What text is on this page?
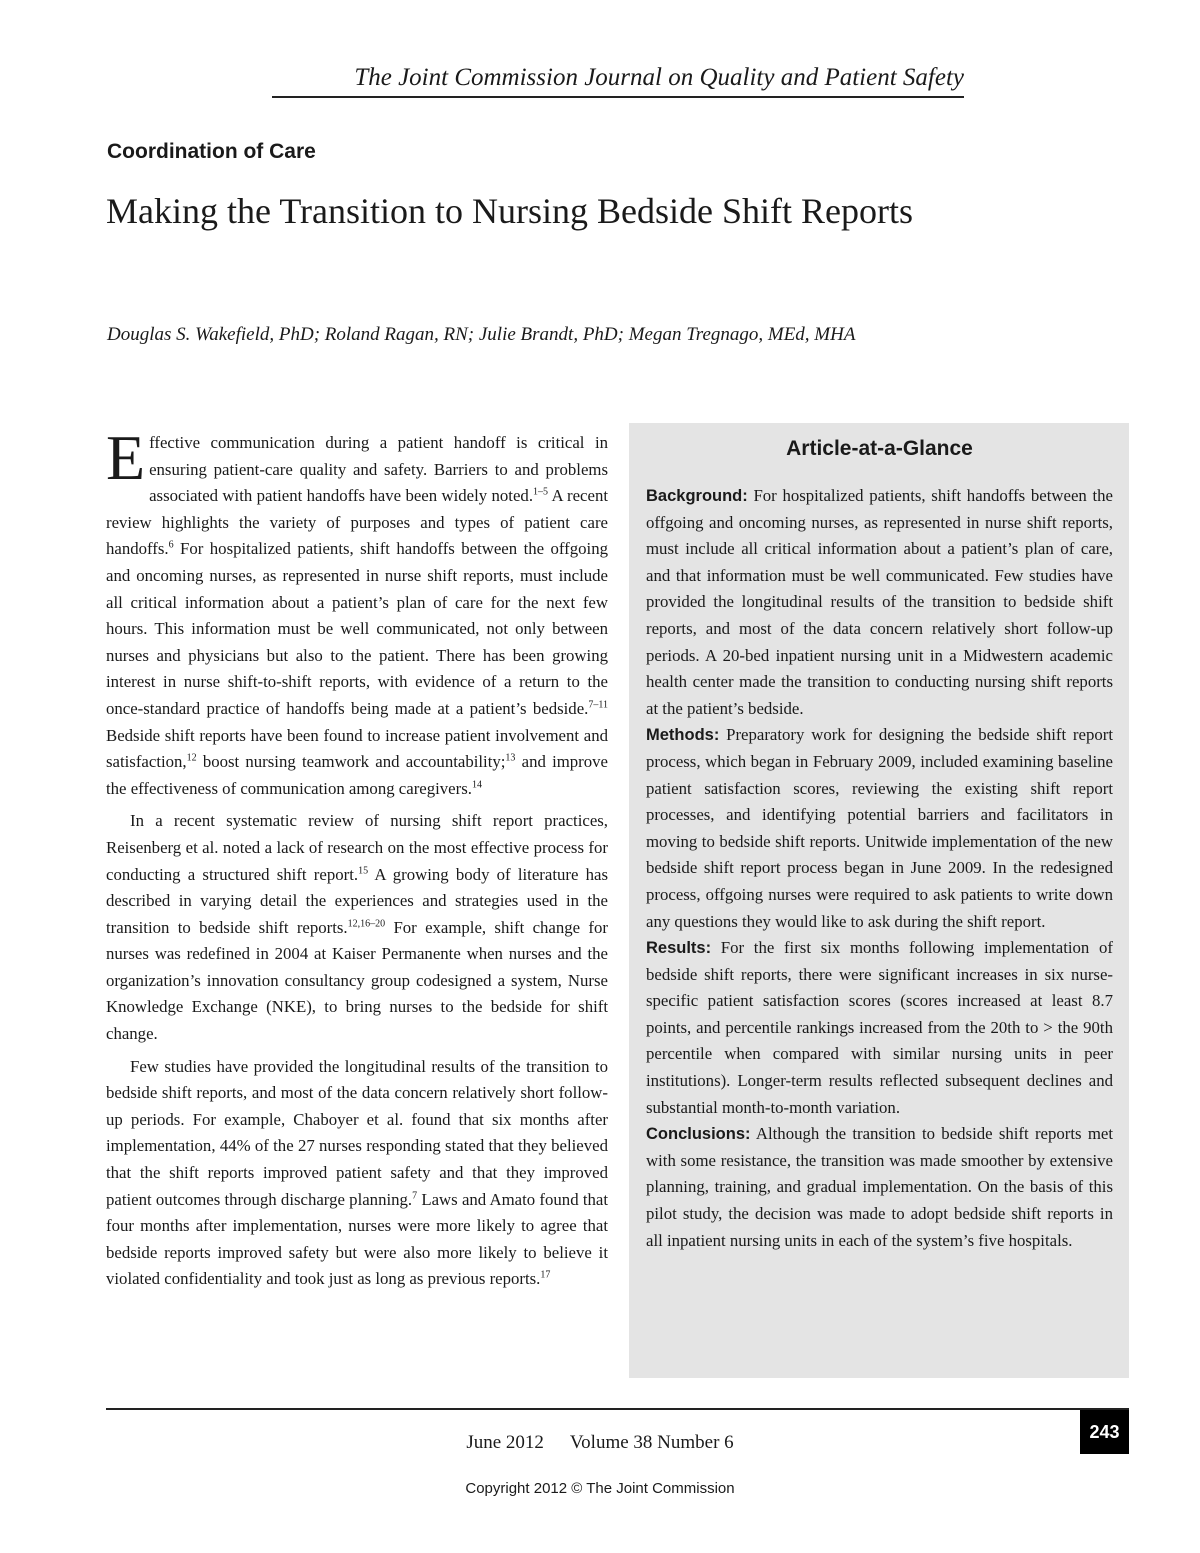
The Joint Commission Journal on Quality and Patient Safety
Coordination of Care
Making the Transition to Nursing Bedside Shift Reports
Douglas S. Wakefield, PhD; Roland Ragan, RN; Julie Brandt, PhD; Megan Tregnago, MEd, MHA

Effective communication during a patient handoff is critical in ensuring patient-care quality and safety. Barriers to and problems associated with patient handoffs have been widely noted.$^{1-5}$ A recent review highlights the variety of purposes and types of patient care handoffs.$^6$ For hospitalized patients, shift handoffs between the offgoing and oncoming nurses, as represented in nurse shift reports, must include all critical information about a patient’s plan of care for the next few hours. This information must be well communicated, not only between nurses and physicians but also to the patient. There has been growing interest in nurse shift-to-shift reports, with evidence of a return to the once-standard practice of handoffs being made at a patient’s bedside.$^{7-11}$ Bedside shift reports have been found to increase patient involvement and satisfaction,$^{12}$ boost nursing teamwork and accountability;$^{13}$ and improve the effectiveness of communication among caregivers.$^{14}$

In a recent systematic review of nursing shift report practices, Reisenberg et al. noted a lack of research on the most effective process for conducting a structured shift report.$^{15}$ A growing body of literature has described in varying detail the experiences and strategies used in the transition to bedside shift reports.$^{12,16-20}$ For example, shift change for nurses was redefined in 2004 at Kaiser Permanente when nurses and the organization’s innovation consultancy group codesigned a system, Nurse Knowledge Exchange (NKE), to bring nurses to the bedside for shift change.

Few studies have provided the longitudinal results of the transition to bedside shift reports, and most of the data concern relatively short follow-up periods. For example, Chaboyer et al. found that six months after implementation, 44% of the 27 nurses responding stated that they believed that the shift reports improved patient safety and that they improved patient outcomes through discharge planning.$^7$ Laws and Amato found that four months after implementation, nurses were more likely to agree that bedside reports improved safety but were also more likely to believe it violated confidentiality and took just as long as previous reports.$^{17}$

Article-at-a-Glance

Background: For hospitalized patients, shift handoffs between the offgoing and oncoming nurses, as represented in nurse shift reports, must include all critical information about a patient’s plan of care, and that information must be well communicated. Few studies have provided the longitudinal results of the transition to bedside shift reports, and most of the data concern relatively short follow-up periods. A 20-bed inpatient nursing unit in a Midwestern academic health center made the transition to conducting nursing shift reports at the patient’s bedside.

Methods: Preparatory work for designing the bedside shift report process, which began in February 2009, included examining baseline patient satisfaction scores, reviewing the existing shift report processes, and identifying potential barriers and facilitators in moving to bedside shift reports. Unitwide implementation of the new bedside shift report process began in June 2009. In the redesigned process, offgoing nurses were required to ask patients to write down any questions they would like to ask during the shift report.

Results: For the first six months following implementation of bedside shift reports, there were significant increases in six nurse-specific patient satisfaction scores (scores increased at least 8.7 points, and percentile rankings increased from the 20th to > the 90th percentile when compared with similar nursing units in peer institutions). Longer-term results reflected subsequent declines and substantial month-to-month variation.

Conclusions: Although the transition to bedside shift reports met with some resistance, the transition was made smoother by extensive planning, training, and gradual implementation. On the basis of this pilot study, the decision was made to adopt bedside shift reports in all inpatient nursing units in each of the system’s five hospitals.

243
June 2012 Volume 38 Number 6
Copyright 2012 © The Joint Commission
